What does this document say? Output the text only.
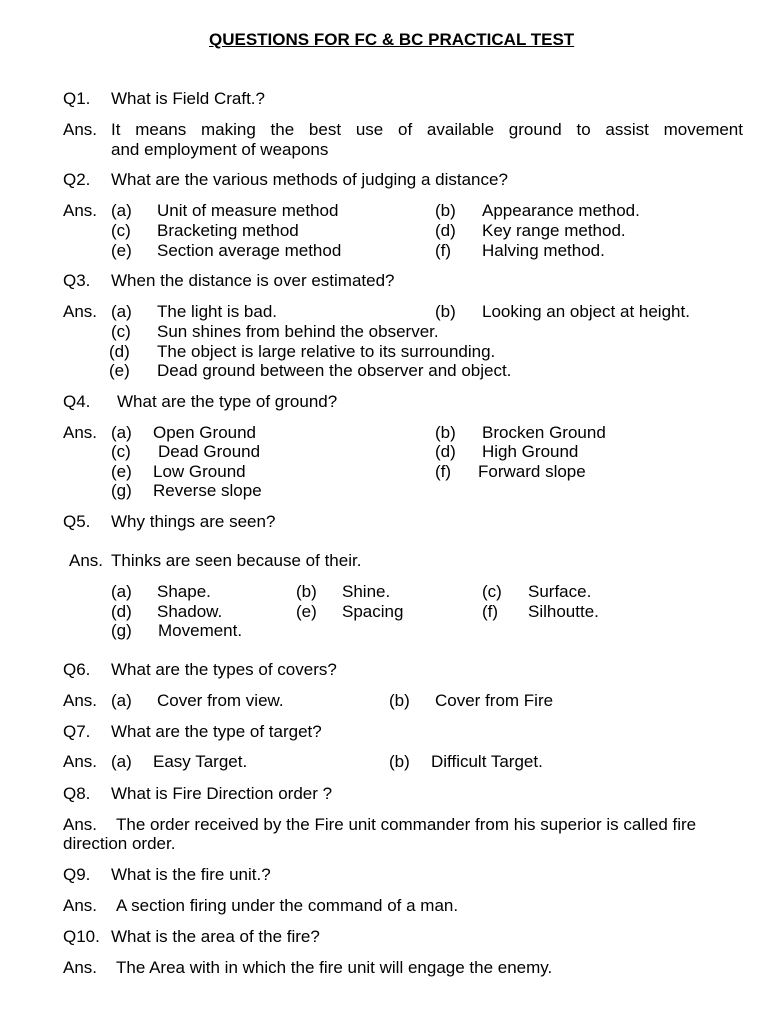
QUESTIONS FOR FC & BC PRACTICAL TEST
Q1. What is Field Craft.?
Ans. It means making the best use of available ground to assist movement
and employment of weapons
Q2. What are the various methods of judging a distance?
Ans. (a) Unit of measure method	(b) Appearance method.
(c) Bracketing method	(d) Key range method.
(e) Section average method	(f) Halving method.
Q3. When the distance is over estimated?
Ans. (a) The light is bad.	(b) Looking an object at height.
(c) Sun shines from behind the observer.
(d) The object is large relative to its surrounding.
(e) Dead ground between the observer and object.
Q4. What are the type of ground?
Ans. (a) Open Ground	(b) Brocken Ground
(c) Dead Ground	(d) High Ground
(e) Low Ground	(f) Forward slope
(g) Reverse slope
Q5. Why things are seen?
Ans. Thinks are seen because of their.
(a) Shape.	(b) Shine.	(c) Surface.
(d) Shadow.	(e) Spacing	(f) Silhoutte.
(g) Movement.
Q6. What are the types of covers?
Ans. (a) Cover from view.	(b) Cover from Fire
Q7. What are the type of target?
Ans. (a) Easy Target.	(b) Difficult Target.
Q8. What is Fire Direction order ?
Ans. The order received by the Fire unit commander from his superior is called fire
direction order.
Q9. What is the fire unit.?
Ans. A section firing under the command of a man.
Q10. What is the area of the fire?
Ans. The Area with in which the fire unit will engage the enemy.
